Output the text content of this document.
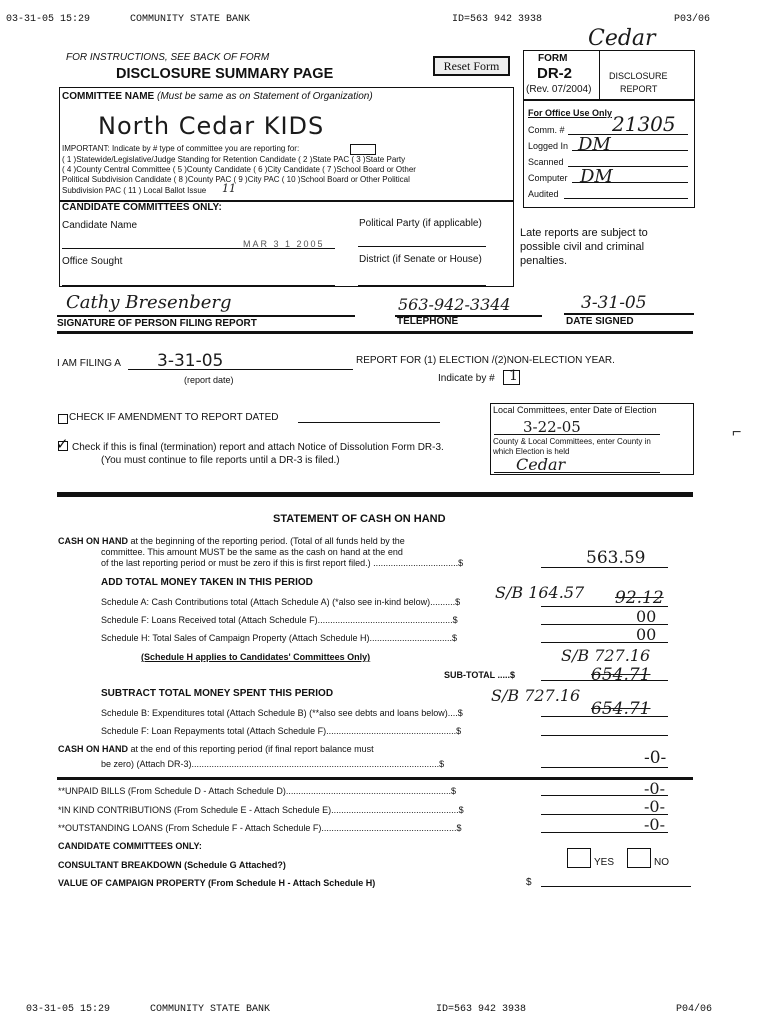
03-31-05 15:29	COMMUNITY STATE BANK	ID=563 942 3938	P03/06
Cedar
FOR INSTRUCTIONS, SEE BACK OF FORM
DISCLOSURE SUMMARY PAGE	Reset Form
FORM
DR-2
(Rev. 07/2004)
DISCLOSURE
REPORT
For Office Use Only
Comm. # 21305
Logged In DM
Scanned
Computer DM
Audited
COMMITTEE NAME (Must be same as on Statement of Organization)
North Cedar KIDS
IMPORTANT: Indicate by # type of committee you are reporting for:
( 1 )Statewide/Legislative/Judge Standing for Retention Candidate ( 2 )State PAC ( 3 )State Party
( 4 )County Central Committee ( 5 )County Candidate ( 6 )City Candidate ( 7 )School Board or Other
Political Subdivision Candidate ( 8 )County PAC ( 9 )City PAC ( 10 )School Board or Other Political
Subdivision PAC ( 11 ) Local Ballot Issue 11
CANDIDATE COMMITTEES ONLY:
Candidate Name	Political Party (if applicable)
MAR 3 1 2005
Office Sought	District (if Senate or House)
Late reports are subject to
possible civil and criminal
penalties.
Cathy Bresenberg
SIGNATURE OF PERSON FILING REPORT
563-942-3344
TELEPHONE
3-31-05
DATE SIGNED
I AM FILING A 3-31-05
(report date)
REPORT FOR (1) ELECTION /(2)NON-ELECTION YEAR.
Indicate by # 1
CHECK IF AMENDMENT TO REPORT DATED
✓ Check if this is final (termination) report and attach Notice of Dissolution Form DR-3.
(You must continue to file reports until a DR-3 is filed.)
Local Committees, enter Date of Election
3-22-05
County & Local Committees, enter County in
which Election is held
Cedar
⌐
STATEMENT OF CASH ON HAND
CASH ON HAND at the beginning of the reporting period. (Total of all funds held by the
committee. This amount MUST be the same as the cash on hand at the end
of the last reporting period or must be zero if this is first report filed.) ..................................$	563.59
ADD TOTAL MONEY TAKEN IN THIS PERIOD
Schedule A: Cash Contributions total (Attach Schedule A) (*also see in-kind below)..........$ S/B 164.57 92.12
Schedule F: Loans Received total (Attach Schedule F)......................................................$	00
Schedule H: Total Sales of Campaign Property (Attach Schedule H).................................$	00
(Schedule H applies to Candidates' Committees Only)	S/B 727.16
SUB-TOTAL .....$	654.71
SUBTRACT TOTAL MONEY SPENT THIS PERIOD	S/B 727.16
Schedule B: Expenditures total (Attach Schedule B) (**also see debts and loans below)....$	654.71
Schedule F: Loan Repayments total (Attach Schedule F)....................................................$
CASH ON HAND at the end of this reporting period (if final report balance must
be zero) (Attach DR-3)...................................................................................................$	-0-
**UNPAID BILLS (From Schedule D - Attach Schedule D)..................................................................$	-0-
*IN KIND CONTRIBUTIONS (From Schedule E - Attach Schedule E)...................................................$	-0-
**OUTSTANDING LOANS (From Schedule F - Attach Schedule F)......................................................$	-0-
CANDIDATE COMMITTEES ONLY:
CONSULTANT BREAKDOWN (Schedule G Attached?)	YES	NO
VALUE OF CAMPAIGN PROPERTY (From Schedule H - Attach Schedule H)	$
03-31-05 15:29	COMMUNITY STATE BANK	ID=563 942 3938	P04/06
